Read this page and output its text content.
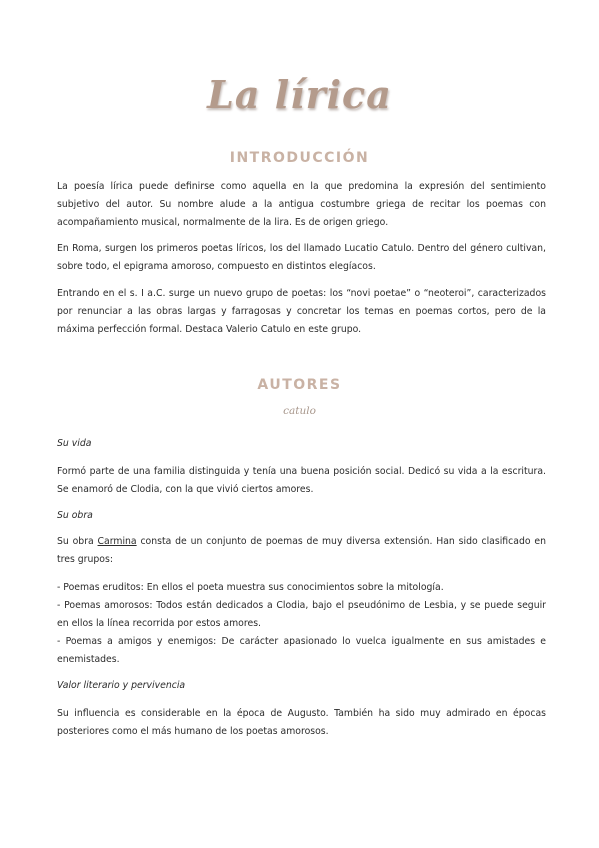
La lírica
INTRODUCCIÓN

La poesía lírica puede definirse como aquella en la que predomina la expresión del sentimiento subjetivo del autor. Su nombre alude a la antigua costumbre griega de recitar los poemas con acompañamiento musical, normalmente de la lira. Es de origen griego.

En Roma, surgen los primeros poetas líricos, los del llamado Lucatio Catulo. Dentro del género cultivan, sobre todo, el epigrama amoroso, compuesto en distintos elegíacos.

Entrando en el s. I a.C. surge un nuevo grupo de poetas: los “novi poetae” o “neoteroi”, caracterizados por renunciar a las obras largas y farragosas y concretar los temas en poemas cortos, pero de la máxima perfección formal. Destaca Valerio Catulo en este grupo.

AUTORES
catulo

Su vida

Formó parte de una familia distinguida y tenía una buena posición social. Dedicó su vida a la escritura. Se enamoró de Clodia, con la que vivió ciertos amores.

Su obra

Su obra Carmina consta de un conjunto de poemas de muy diversa extensión. Han sido clasificado en tres grupos:

- Poemas eruditos: En ellos el poeta muestra sus conocimientos sobre la mitología.

- Poemas amorosos: Todos están dedicados a Clodia, bajo el pseudónimo de Lesbia, y se puede seguir en ellos la línea recorrida por estos amores.

- Poemas a amigos y enemigos: De carácter apasionado lo vuelca igualmente en sus amistades e enemistades.

Valor literario y pervivencia

Su influencia es considerable en la época de Augusto. También ha sido muy admirado en épocas posteriores como el más humano de los poetas amorosos.
